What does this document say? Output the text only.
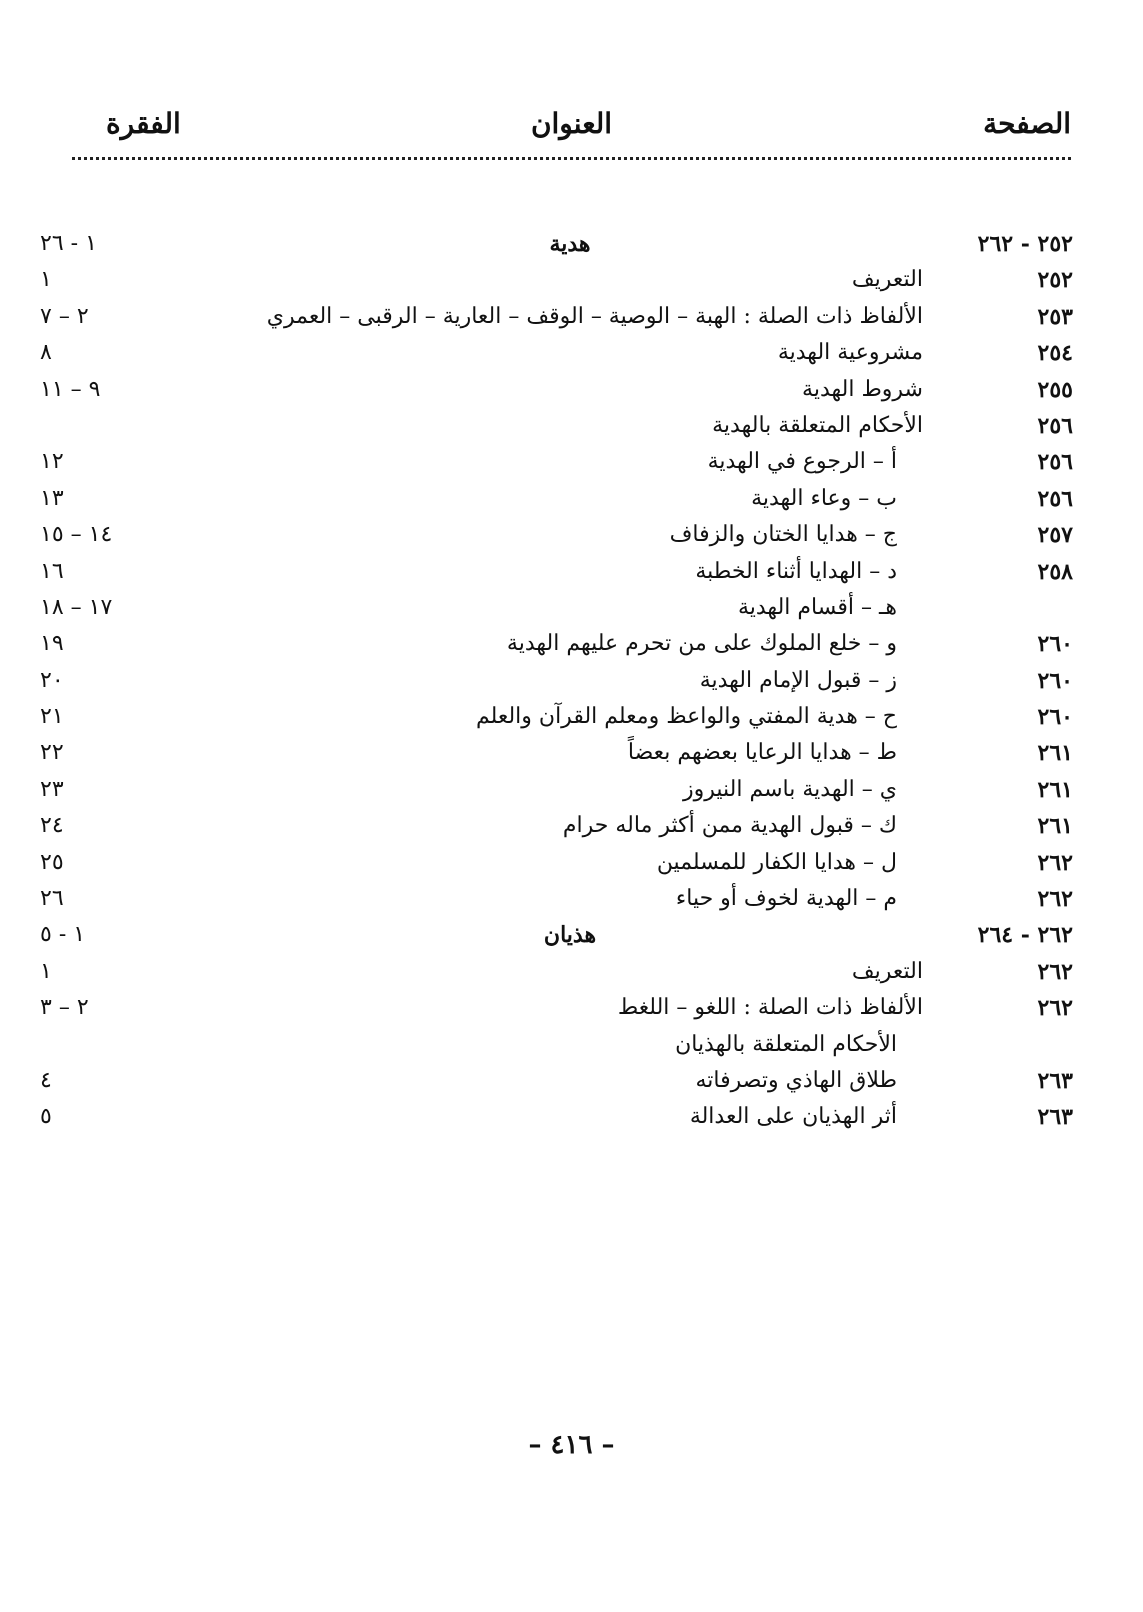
الصفحة
العنوان
الفقرة
٢٥٢ - ٢٦٢
هدية
١ - ٢٦
٢٥٢
التعريف
١
٢٥٣
الألفاظ ذات الصلة : الهبة – الوصية – الوقف – العارية – الرقبى – العمري
٢ – ٧
٢٥٤
مشروعية الهدية
٨
٢٥٥
شروط الهدية
٩ – ١١
٢٥٦
الأحكام المتعلقة بالهدية
٢٥٦
أ – الرجوع في الهدية
١٢
٢٥٦
ب – وعاء الهدية
١٣
٢٥٧
ج – هدايا الختان والزفاف
١٤ – ١٥
٢٥٨
د – الهدايا أثناء الخطبة
١٦
هـ – أقسام الهدية
١٧ – ١٨
٢٦٠
و – خلع الملوك على من تحرم عليهم الهدية
١٩
٢٦٠
ز – قبول الإمام الهدية
٢٠
٢٦٠
ح – هدية المفتي والواعظ ومعلم القرآن والعلم
٢١
٢٦١
ط – هدايا الرعايا بعضهم بعضاً
٢٢
٢٦١
ي – الهدية باسم النيروز
٢٣
٢٦١
ك – قبول الهدية ممن أكثر ماله حرام
٢٤
٢٦٢
ل – هدايا الكفار للمسلمين
٢٥
٢٦٢
م – الهدية لخوف أو حياء
٢٦
٢٦٢ - ٢٦٤
هذيان
١ - ٥
٢٦٢
التعريف
١
٢٦٢
الألفاظ ذات الصلة : اللغو – اللغط
٢ – ٣
الأحكام المتعلقة بالهذيان
٢٦٣
طلاق الهاذي وتصرفاته
٤
٢٦٣
أثر الهذيان على العدالة
٥
– ٤١٦ –
